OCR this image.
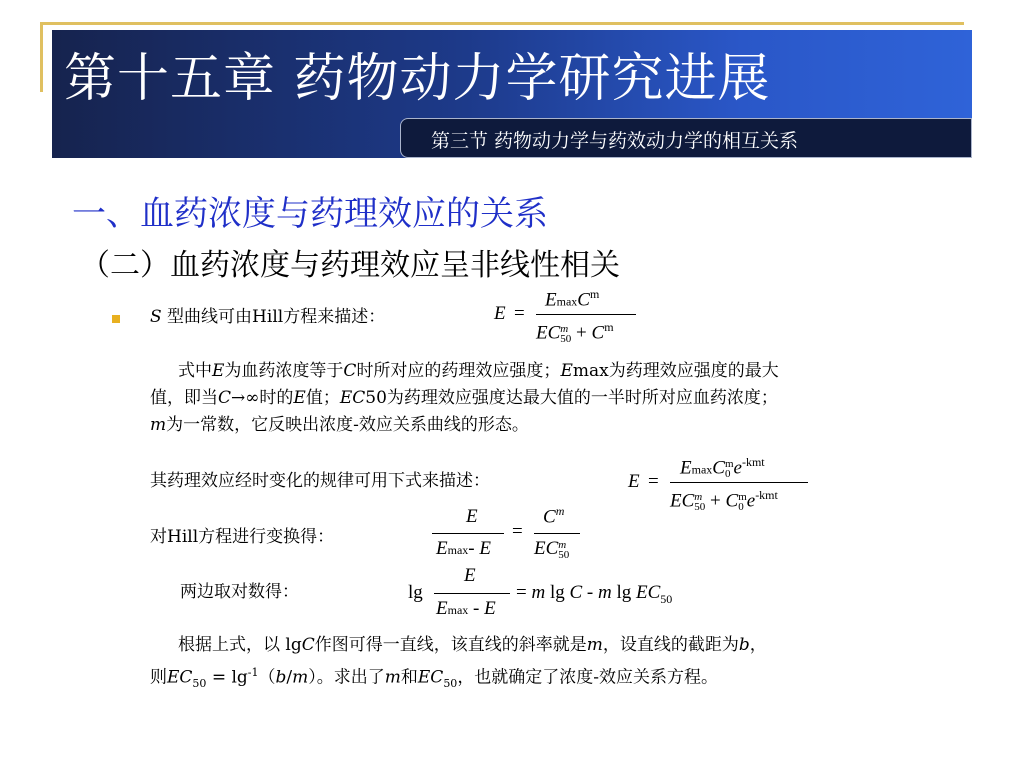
第十五章 药物动力学研究进展
第三节 药物动力学与药效动力学的相互关系
一、血药浓度与药理效应的关系
（二）血药浓度与药理效应呈非线性相关
S 型曲线可由Hill方程来描述：	E =
EmaxC$^m$
EC m
$50 + C^m$
式中E为血药浓度等于C时所对应的药理效应强度；Emax为药理效应强度的最大
值，即当C→∞时的E值；EC50为药理效应强度达最大值的一半时所对应血药浓度；
m为一常数，它反映出浓度-效应关系曲线的形态。
其药理效应经时变化的规律可用下式来描述：	E =
EmaxC m
0 $e^{-kmt}$
EC m
50 + C m
0 $e^{-kmt}$
对Hill方程进行变换得：
E
Emax- E
=
$C^m$
EC m
50
两边取对数得：	lg
E
Emax - E
= m lg C - m $\lg EC_{50}$
根据上式，以 lgC作图可得一直线，该直线的斜率就是m，设直线的截距为b，
则$EC_{50} = \lg^{-1}(b/m)$。求出了m和$EC_{50}$，也就确定了浓度-效应关系方程。
